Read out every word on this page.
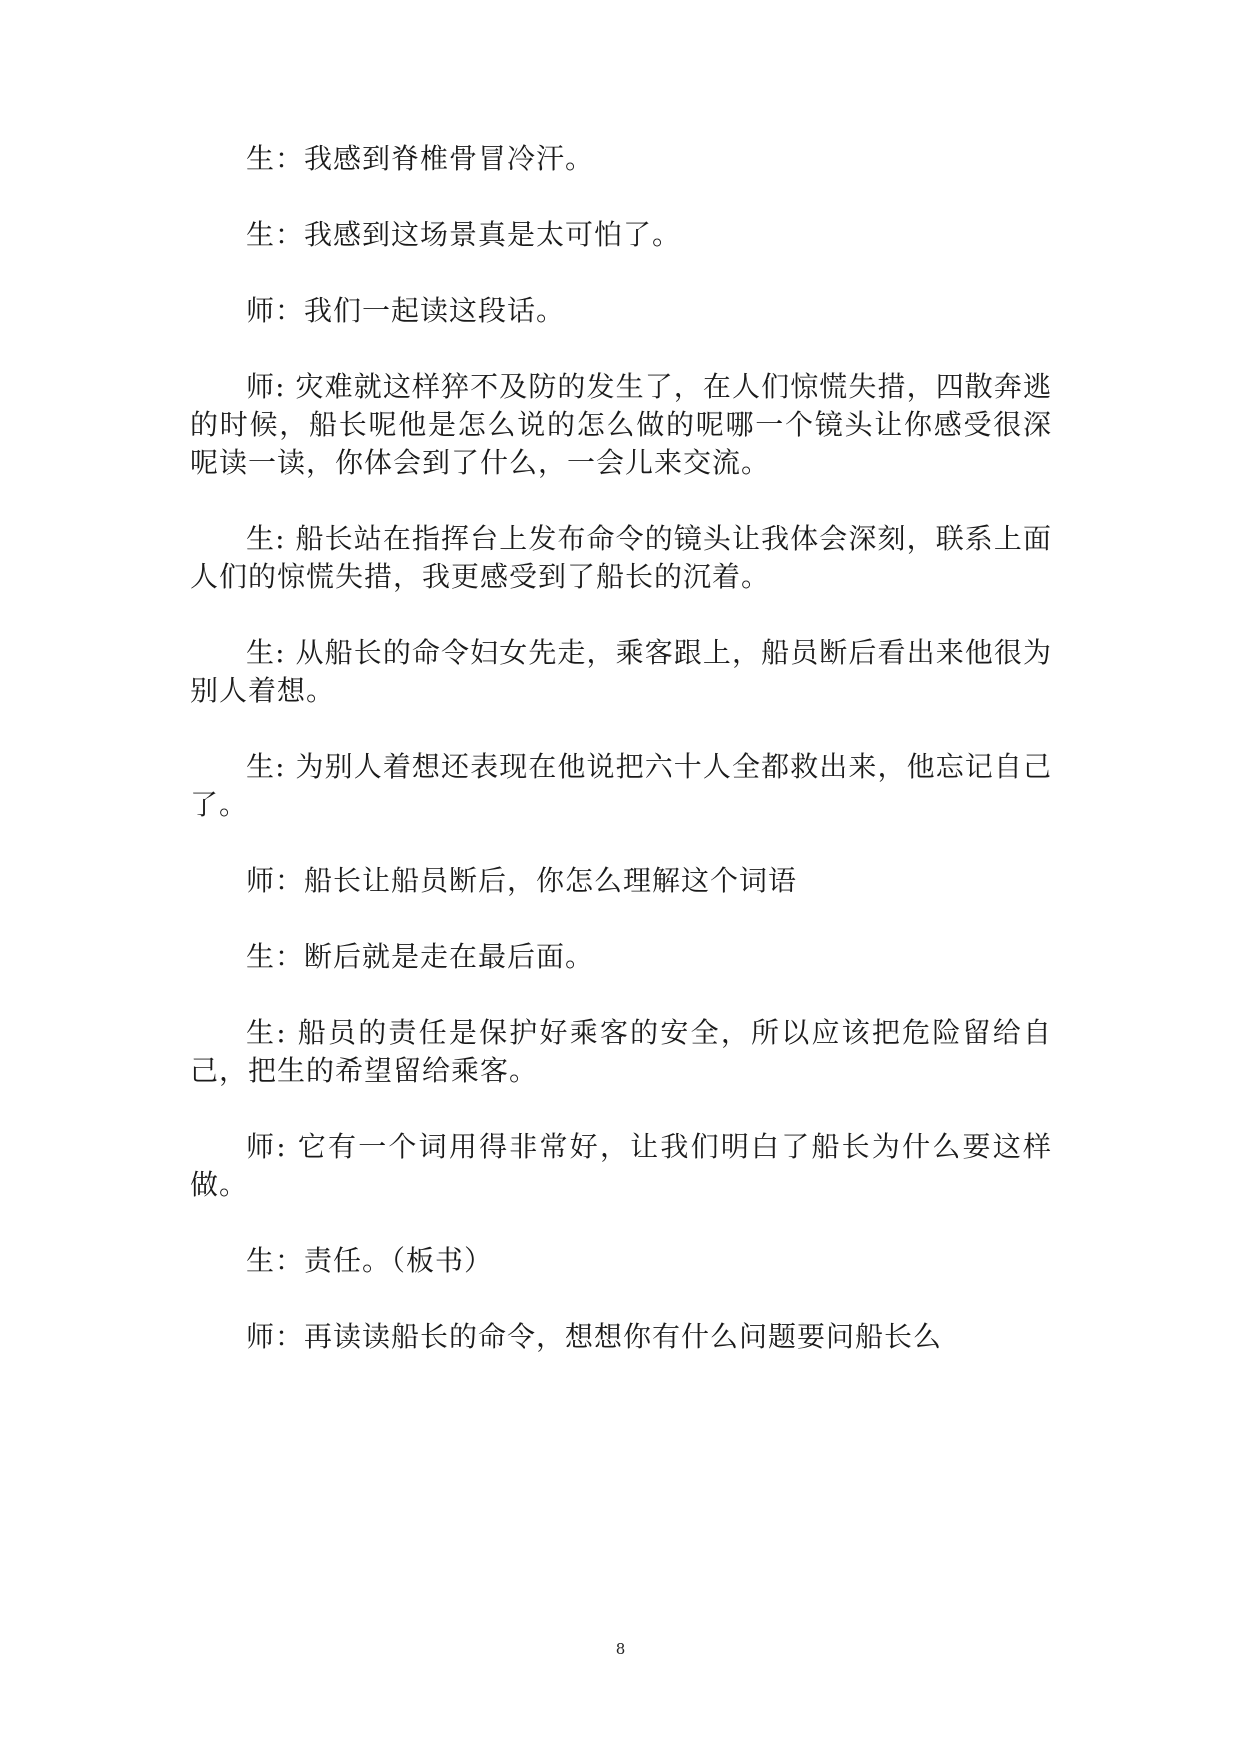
生：我感到脊椎骨冒冷汗。

生：我感到这场景真是太可怕了。

师：我们一起读这段话。

师: 灾难就这样猝不及防的发生了，在人们惊慌失措，四散奔逃的时候，船长呢他是怎么说的怎么做的呢哪一个镜头让你感受很深呢读一读，你体会到了什么，一会儿来交流。

生: 船长站在指挥台上发布命令的镜头让我体会深刻，联系上面人们的惊慌失措，我更感受到了船长的沉着。

生: 从船长的命令妇女先走，乘客跟上，船员断后看出来他很为别人着想。

生: 为别人着想还表现在他说把六十人全都救出来，他忘记自己了。

师：船长让船员断后，你怎么理解这个词语

生：断后就是走在最后面。

生: 船员的责任是保护好乘客的安全，所以应该把危险留给自己，把生的希望留给乘客。

师: 它有一个词用得非常好，让我们明白了船长为什么要这样做。

生：责任。（板书）

师：再读读船长的命令，想想你有什么问题要问船长么

8
